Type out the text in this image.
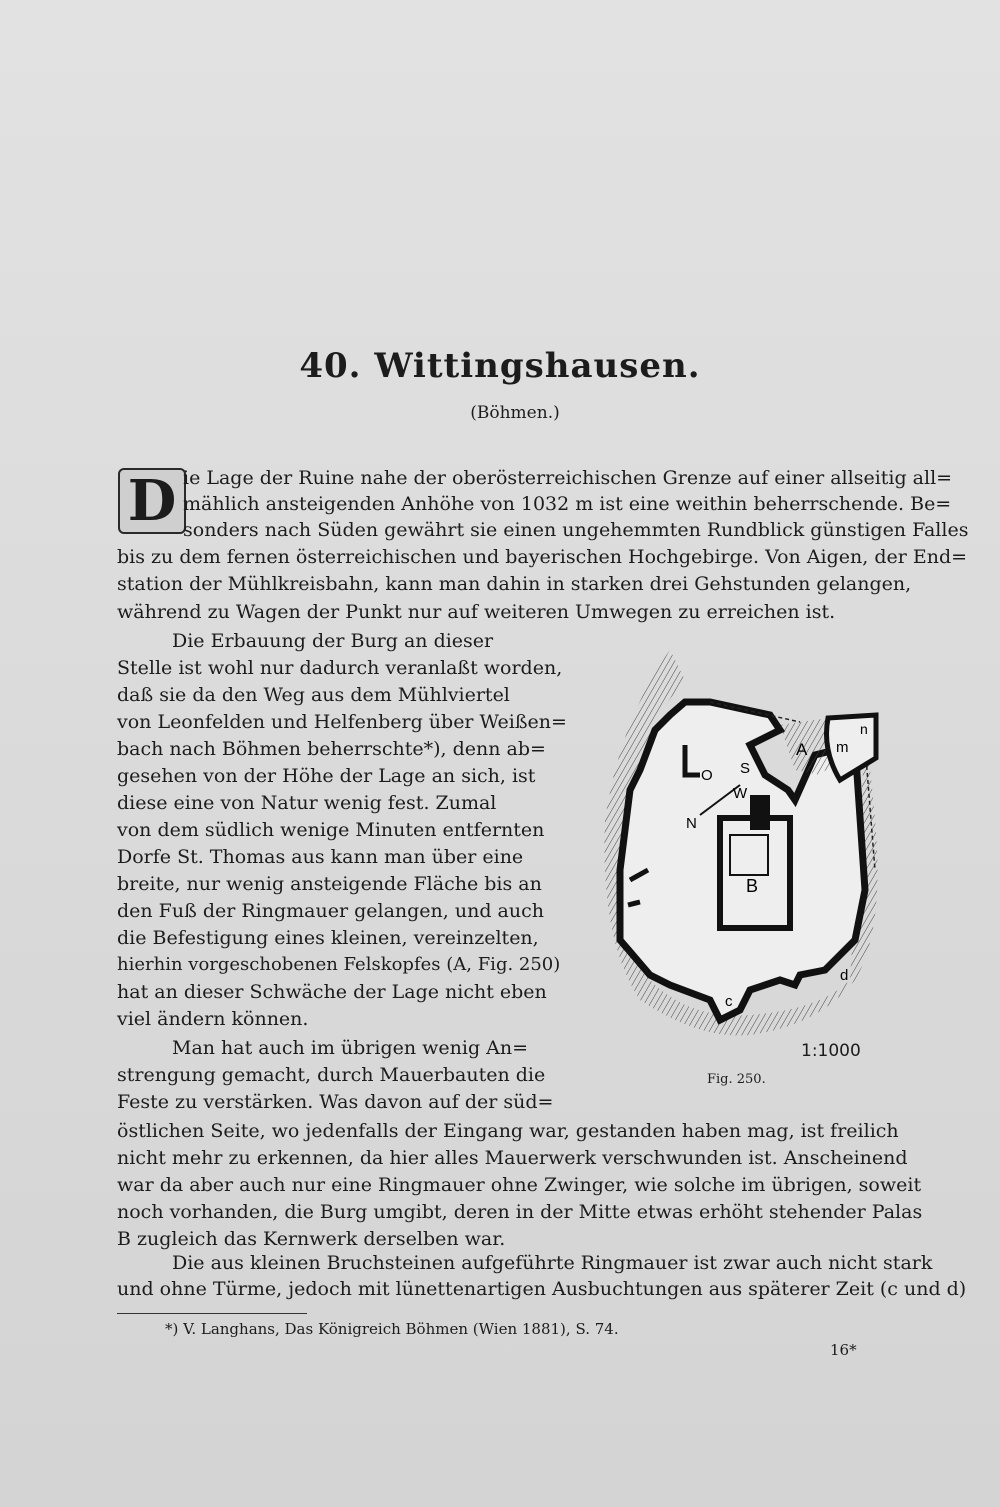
40. Wittingshausen.

(Böhmen.)

D ie Lage der Ruine nahe der oberösterreichischen Grenze auf einer allseitig all=
mählich ansteigenden Anhöhe von 1032 m ist eine weithin beherrschende. Be=
sonders nach Süden gewährt sie einen ungehemmten Rundblick günstigen Falles
bis zu dem fernen österreichischen und bayerischen Hochgebirge. Von Aigen, der End=
station der Mühlkreisbahn, kann man dahin in starken drei Gehstunden gelangen,
während zu Wagen der Punkt nur auf weiteren Umwegen zu erreichen ist.
Die Erbauung der Burg an dieser
Stelle ist wohl nur dadurch veranlaßt worden,
daß sie da den Weg aus dem Mühlviertel
von Leonfelden und Helfenberg über Weißen=
bach nach Böhmen beherrschte*), denn ab=
gesehen von der Höhe der Lage an sich, ist
diese eine von Natur wenig fest. Zumal
von dem südlich wenige Minuten entfernten
Dorfe St. Thomas aus kann man über eine
breite, nur wenig ansteigende Fläche bis an
den Fuß der Ringmauer gelangen, und auch
die Befestigung eines kleinen, vereinzelten,
hierhin vorgeschobenen Felskopfes (A, Fig. 250)
hat an dieser Schwäche der Lage nicht eben
viel ändern können.
Man hat auch im übrigen wenig An=
strengung gemacht, durch Mauerbauten die
Feste zu verstärken. Was davon auf der süd=
östlichen Seite, wo jedenfalls der Eingang war, gestanden haben mag, ist freilich
nicht mehr zu erkennen, da hier alles Mauerwerk verschwunden ist. Anscheinend
war da aber auch nur eine Ringmauer ohne Zwinger, wie solche im übrigen, soweit
noch vorhanden, die Burg umgibt, deren in der Mitte etwas erhöht stehender Palas
B zugleich das Kernwerk derselben war.
Die aus kleinen Bruchsteinen aufgeführte Ringmauer ist zwar auch nicht stark
und ohne Türme, jedoch mit lünettenartigen Ausbuchtungen aus späterer Zeit (c und d)
A m
n
B
c
d
S
W
O
N
1:1000
Fig. 250.
*) V. Langhans, Das Königreich Böhmen (Wien 1881), S. 74.
16*
